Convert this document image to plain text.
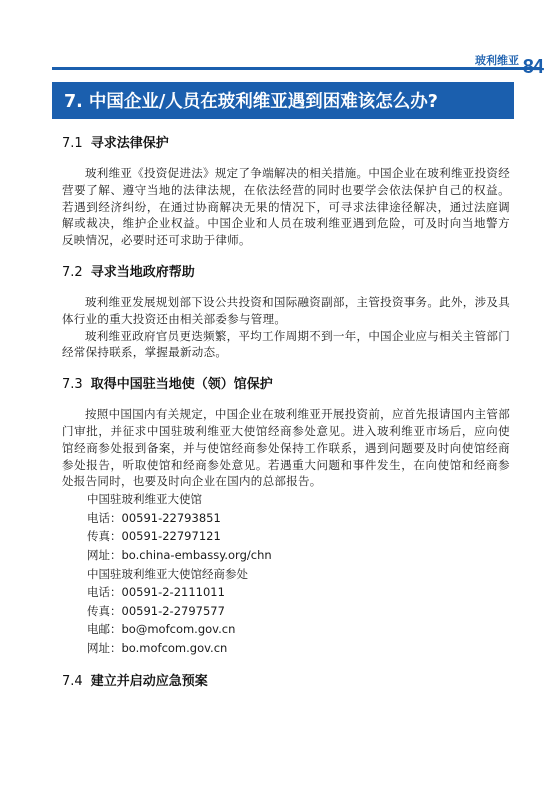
玻利维亚 84
7. 中国企业/人员在玻利维亚遇到困难该怎么办?
7.1 寻求法律保护

玻利维亚《投资促进法》规定了争端解决的相关措施。中国企业在玻利维亚投资经营要了解、遵守当地的法律法规，在依法经营的同时也要学会依法保护自己的权益。若遇到经济纠纷，在通过协商解决无果的情况下，可寻求法律途径解决，通过法庭调解或裁决，维护企业权益。中国企业和人员在玻利维亚遇到危险，可及时向当地警方反映情况，必要时还可求助于律师。

7.2 寻求当地政府帮助

玻利维亚发展规划部下设公共投资和国际融资副部，主管投资事务。此外，涉及具体行业的重大投资还由相关部委参与管理。

玻利维亚政府官员更迭频繁，平均工作周期不到一年，中国企业应与相关主管部门经常保持联系，掌握最新动态。

7.3 取得中国驻当地使（领）馆保护

按照中国国内有关规定，中国企业在玻利维亚开展投资前，应首先报请国内主管部门审批，并征求中国驻玻利维亚大使馆经商参处意见。进入玻利维亚市场后，应向使馆经商参处报到备案，并与使馆经商参处保持工作联系，遇到问题要及时向使馆经商参处报告，听取使馆和经商参处意见。若遇重大问题和事件发生，在向使馆和经商参处报告同时，也要及时向企业在国内的总部报告。

中国驻玻利维亚大使馆
电话：00591-22793851
传真：00591-22797121
网址：bo.china-embassy.org/chn
中国驻玻利维亚大使馆经商参处
电话：00591-2-2111011
传真：00591-2-2797577
电邮：bo@mofcom.gov.cn
网址：bo.mofcom.gov.cn
7.4 建立并启动应急预案
